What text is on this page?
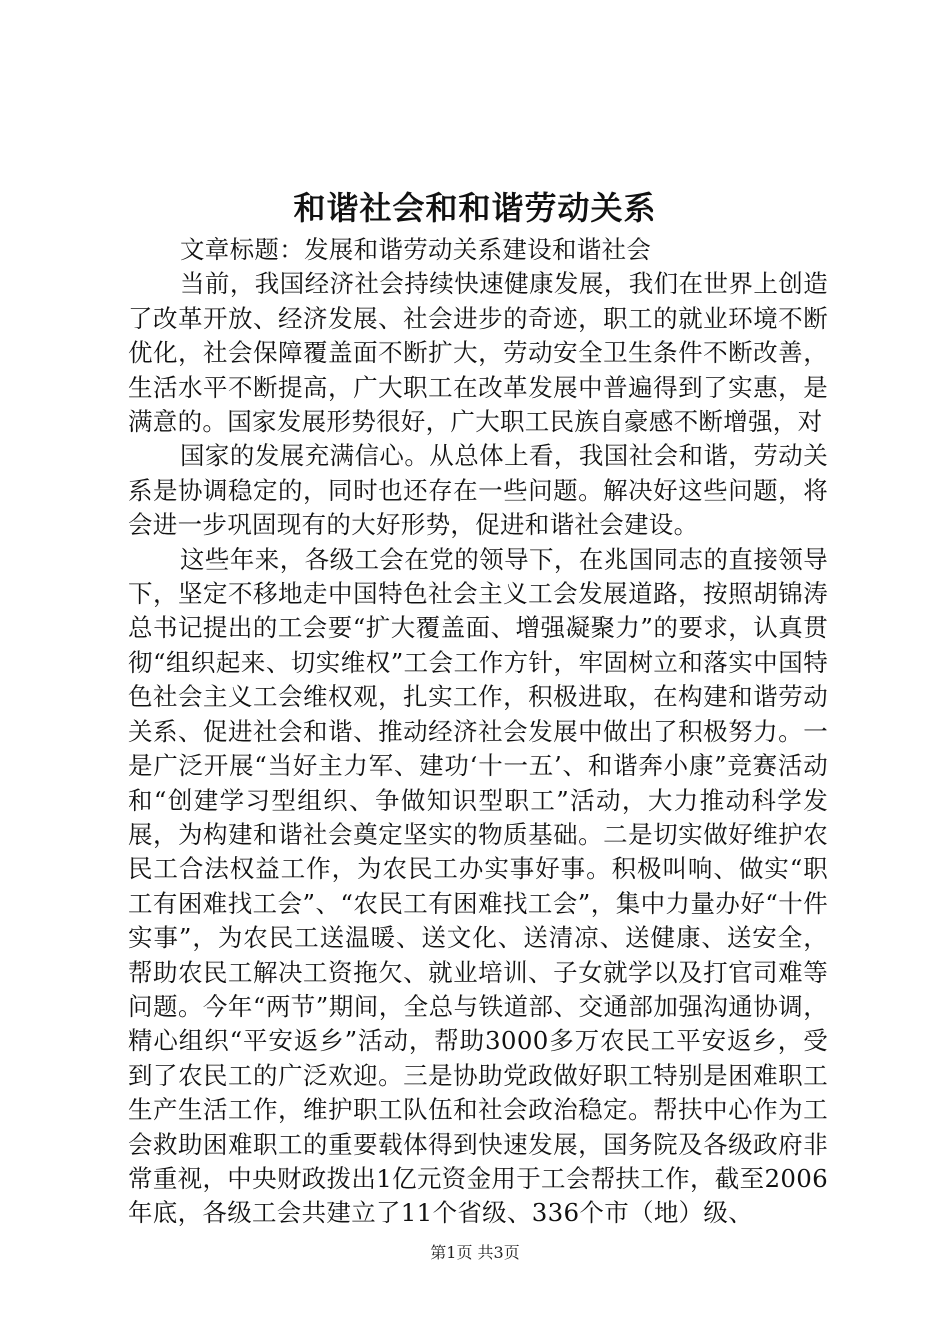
和谐社会和和谐劳动关系

文章标题：发展和谐劳动关系建设和谐社会

当前，我国经济社会持续快速健康发展，我们在世界上创造了改革开放、经济发展、社会进步的奇迹，职工的就业环境不断优化，社会保障覆盖面不断扩大，劳动安全卫生条件不断改善，生活水平不断提高，广大职工在改革发展中普遍得到了实惠，是满意的。国家发展形势很好，广大职工民族自豪感不断增强，对

国家的发展充满信心。从总体上看，我国社会和谐，劳动关系是协调稳定的，同时也还存在一些问题。解决好这些问题，将会进一步巩固现有的大好形势，促进和谐社会建设。

这些年来，各级工会在党的领导下，在兆国同志的直接领导下，坚定不移地走中国特色社会主义工会发展道路，按照胡锦涛总书记提出的工会要“扩大覆盖面、增强凝聚力”的要求，认真贯彻“组织起来、切实维权”工会工作方针，牢固树立和落实中国特色社会主义工会维权观，扎实工作，积极进取，在构建和谐劳动关系、促进社会和谐、推动经济社会发展中做出了积极努力。一是广泛开展“当好主力军、建功‘十一五’、和谐奔小康”竞赛活动和“创建学习型组织、争做知识型职工”活动，大力推动科学发展，为构建和谐社会奠定坚实的物质基础。二是切实做好维护农民工合法权益工作，为农民工办实事好事。积极叫响、做实“职工有困难找工会”、“农民工有困难找工会”，集中力量办好“十件实事”，为农民工送温暖、送文化、送清凉、送健康、送安全，帮助农民工解决工资拖欠、就业培训、子女就学以及打官司难等问题。今年“两节”期间，全总与铁道部、交通部加强沟通协调，精心组织“平安返乡”活动，帮助3000多万农民工平安返乡，受到了农民工的广泛欢迎。三是协助党政做好职工特别是困难职工生产生活工作，维护职工队伍和社会政治稳定。帮扶中心作为工会救助困难职工的重要载体得到快速发展，国务院及各级政府非常重视，中央财政拨出1亿元资金用于工会帮扶工作，截至2006年底，各级工会共建立了11个省级、336个市（地）级、

第1页 共3页
